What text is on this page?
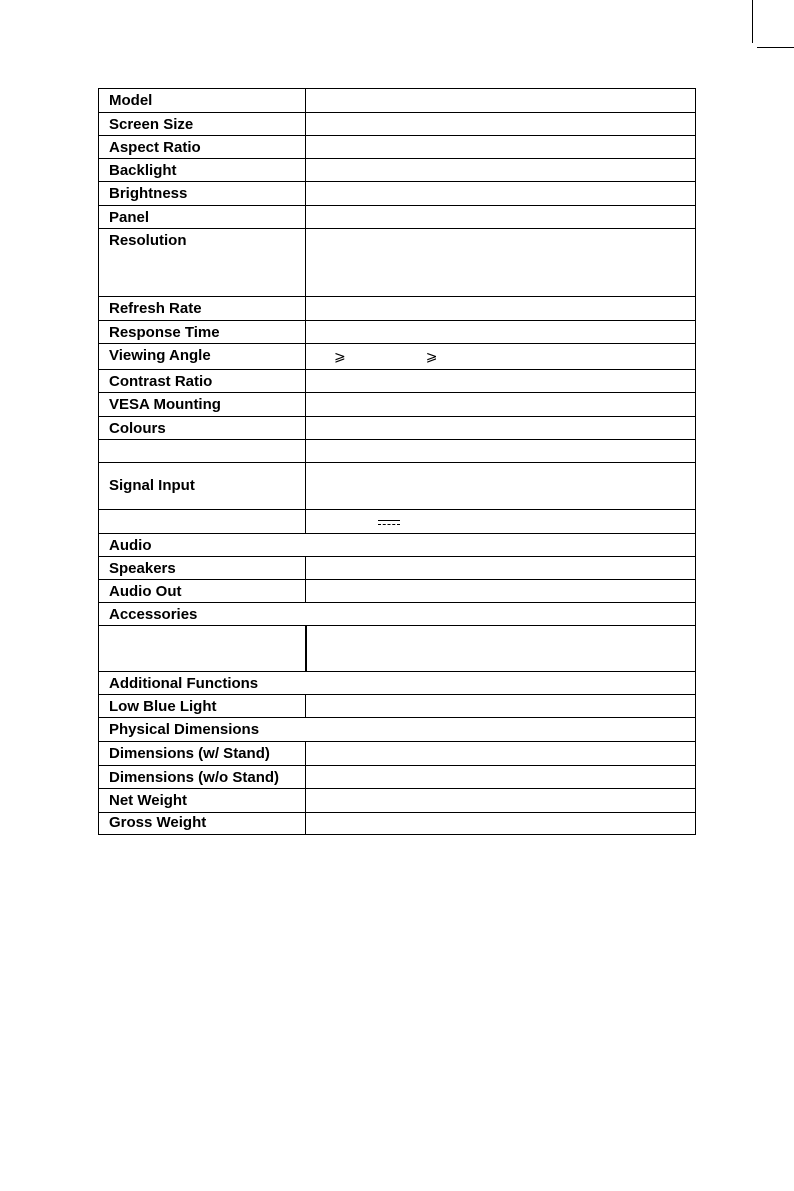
Model	
Screen Size	
Aspect Ratio	
Backlight	
Brightness	
Panel	
Resolution	
Refresh Rate	
Response Time	
Viewing Angle	⩾ ⩾
Contrast Ratio	
VESA Mounting	
Colours	

Signal Input	

Audio	
Speakers	
Audio Out	
Accessories	

Additional Functions	
Low Blue Light	
Physical Dimensions	
Dimensions (w/ Stand)	
Dimensions (w/o Stand)	
Net Weight	
Gross Weight	
